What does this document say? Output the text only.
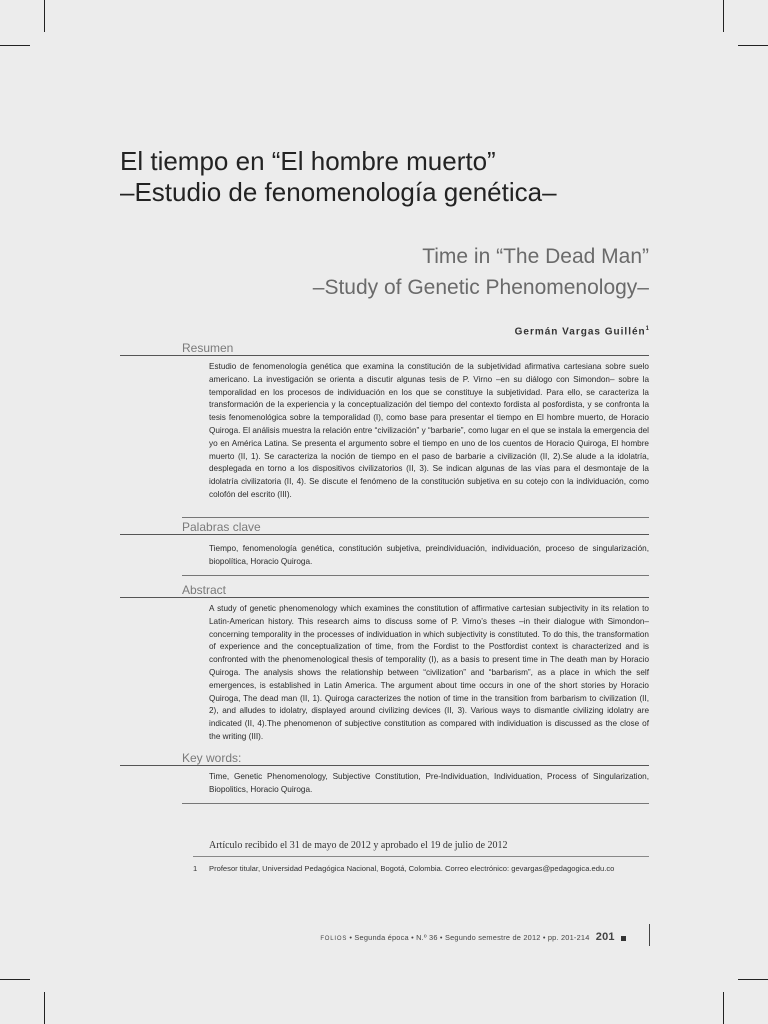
El tiempo en “El hombre muerto”
–Estudio de fenomenología genética–
Time in “The Dead Man”
–Study of Genetic Phenomenology–
Germán Vargas Guillén$^1$
Resumen
Estudio de fenomenología genética que examina la constitución de la subjetividad afirmativa cartesiana sobre suelo americano. La investigación se orienta a discutir algunas tesis de P. Virno –en su diálogo con Simondon– sobre la temporalidad en los procesos de individuación en los que se constituye la subjetividad. Para ello, se caracteriza la transformación de la experiencia y la conceptualización del tiempo del contexto fordista al posfordista, y se confronta la tesis fenomenológica sobre la temporalidad (I), como base para presentar el tiempo en El hombre muerto, de Horacio Quiroga. El análisis muestra la relación entre “civilización” y “barbarie”, como lugar en el que se instala la emergencia del yo en América Latina. Se presenta el argumento sobre el tiempo en uno de los cuentos de Horacio Quiroga, El hombre muerto (II, 1). Se caracteriza la noción de tiempo en el paso de barbarie a civilización (II, 2).Se alude a la idolatría, desplegada en torno a los dispositivos civilizatorios (II, 3). Se indican algunas de las vías para el desmontaje de la idolatría civilizatoria (II, 4). Se discute el fenómeno de la constitución subjetiva en su cotejo con la individuación, como colofón del escrito (III).
Palabras clave
Tiempo, fenomenología genética, constitución subjetiva, preindividuación, individuación, proceso de singularización, biopolítica, Horacio Quiroga.
Abstract
A study of genetic phenomenology which examines the constitution of affirmative cartesian subjectivity in its relation to Latin-American history. This research aims to discuss some of P. Virno’s theses –in their dialogue with Simondon– concerning temporality in the processes of individuation in which subjectivity is constituted. To do this, the transformation of experience and the conceptualization of time, from the Fordist to the Postfordist context is characterized and is confronted with the phenomenological thesis of temporality (I), as a basis to present time in The death man by Horacio Quiroga. The analysis shows the relationship between “civilization” and “barbarism”, as a place in which the self emergences, is established in Latin America. The argument about time occurs in one of the short stories by Horacio Quiroga, The dead man (II, 1). Quiroga caracterizes the notion of time in the transition from barbarism to civilization (II, 2), and alludes to idolatry, displayed around civilizing devices (II, 3). Various ways to dismantle civilizing idolatry are indicated (II, 4).The phenomenon of subjective constitution as compared with individuation is discussed as the close of the writing (III).
Key words:
Time, Genetic Phenomenology, Subjective Constitution, Pre-Individuation, Individuation, Process of Singularization, Biopolitics, Horacio Quiroga.
Artículo recibido el 31 de mayo de 2012 y aprobado el 19 de julio de 2012
1 Profesor titular, Universidad Pedagógica Nacional, Bogotá, Colombia. Correo electrónico: gevargas@pedagogica.edu.co
FOLIOS • Segunda época • N.º 36 • Segundo semestre de 2012 • pp. 201-214 201
